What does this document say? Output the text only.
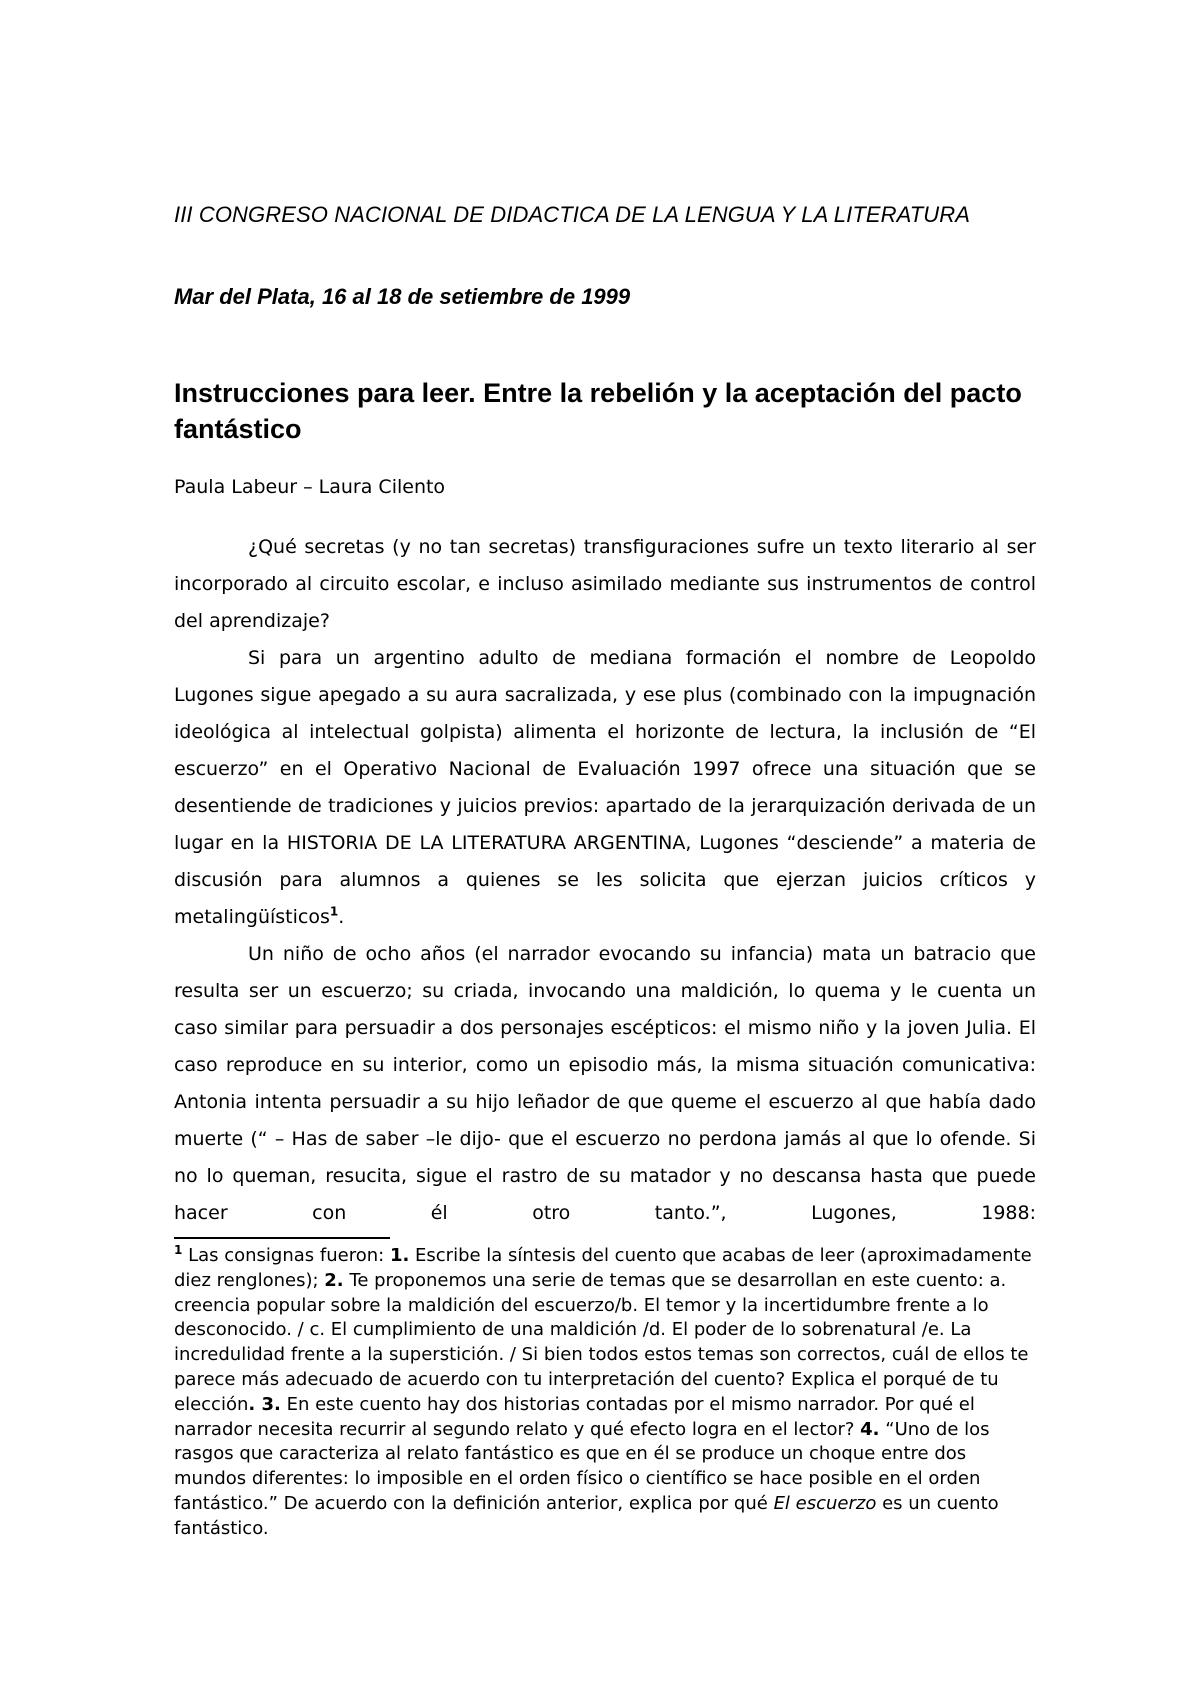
III CONGRESO NACIONAL DE DIDACTICA DE LA LENGUA Y LA LITERATURA
Mar del Plata, 16 al 18 de setiembre de 1999
Instrucciones para leer. Entre la rebelión y la aceptación del pacto fantástico
Paula Labeur – Laura Cilento

¿Qué secretas (y no tan secretas) transfiguraciones sufre un texto literario al ser incorporado al circuito escolar, e incluso asimilado mediante sus instrumentos de control del aprendizaje?

Si para un argentino adulto de mediana formación el nombre de Leopoldo Lugones sigue apegado a su aura sacralizada, y ese plus (combinado con la impugnación ideológica al intelectual golpista) alimenta el horizonte de lectura, la inclusión de “El escuerzo” en el Operativo Nacional de Evaluación 1997 ofrece una situación que se desentiende de tradiciones y juicios previos: apartado de la jerarquización derivada de un lugar en la HISTORIA DE LA LITERATURA ARGENTINA, Lugones “desciende” a materia de discusión para alumnos a quienes se les solicita que ejerzan juicios críticos y metalingüísticos$^1$.

Un niño de ocho años (el narrador evocando su infancia) mata un batracio que resulta ser un escuerzo; su criada, invocando una maldición, lo quema y le cuenta un caso similar para persuadir a dos personajes escépticos: el mismo niño y la joven Julia. El caso reproduce en su interior, como un episodio más, la misma situación comunicativa: Antonia intenta persuadir a su hijo leñador de que queme el escuerzo al que había dado muerte (“ – Has de saber –le dijo- que el escuerzo no perdona jamás al que lo ofende. Si no lo queman, resucita, sigue el rastro de su matador y no descansa hasta que puede hacer con él otro tanto.”, Lugones, 1988:

$^1$ Las consignas fueron: 1. Escribe la síntesis del cuento que acabas de leer (aproximadamente diez renglones); 2. Te proponemos una serie de temas que se desarrollan en este cuento: a. creencia popular sobre la maldición del escuerzo/b. El temor y la incertidumbre frente a lo desconocido. / c. El cumplimiento de una maldición /d. El poder de lo sobrenatural /e. La incredulidad frente a la superstición. / Si bien todos estos temas son correctos, cuál de ellos te parece más adecuado de acuerdo con tu interpretación del cuento? Explica el porqué de tu elección. 3. En este cuento hay dos historias contadas por el mismo narrador. Por qué el narrador necesita recurrir al segundo relato y qué efecto logra en el lector? 4. “Uno de los rasgos que caracteriza al relato fantástico es que en él se produce un choque entre dos mundos diferentes: lo imposible en el orden físico o científico se hace posible en el orden fantástico.” De acuerdo con la definición anterior, explica por qué El escuerzo es un cuento fantástico.
